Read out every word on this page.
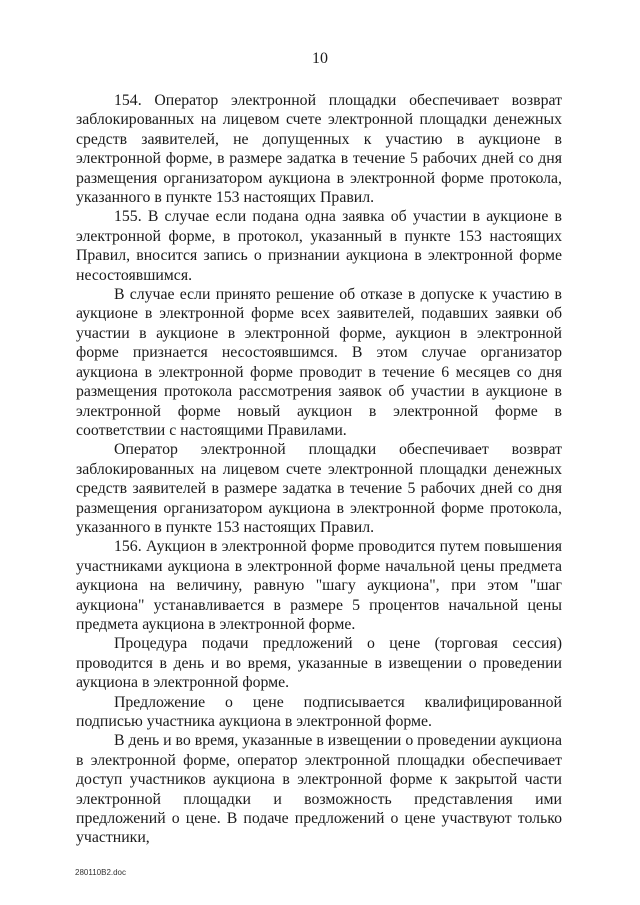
10

154. Оператор электронной площадки обеспечивает возврат заблокированных на лицевом счете электронной площадки денежных средств заявителей, не допущенных к участию в аукционе в электронной форме, в размере задатка в течение 5 рабочих дней со дня размещения организатором аукциона в электронной форме протокола, указанного в пункте 153 настоящих Правил.

155. В случае если подана одна заявка об участии в аукционе в электронной форме, в протокол, указанный в пункте 153 настоящих Правил, вносится запись о признании аукциона в электронной форме несостоявшимся.

В случае если принято решение об отказе в допуске к участию в аукционе в электронной форме всех заявителей, подавших заявки об участии в аукционе в электронной форме, аукцион в электронной форме признается несостоявшимся. В этом случае организатор аукциона в электронной форме проводит в течение 6 месяцев со дня размещения протокола рассмотрения заявок об участии в аукционе в электронной форме новый аукцион в электронной форме в соответствии с настоящими Правилами.

Оператор электронной площадки обеспечивает возврат заблокированных на лицевом счете электронной площадки денежных средств заявителей в размере задатка в течение 5 рабочих дней со дня размещения организатором аукциона в электронной форме протокола, указанного в пункте 153 настоящих Правил.

156. Аукцион в электронной форме проводится путем повышения участниками аукциона в электронной форме начальной цены предмета аукциона на величину, равную "шагу аукциона", при этом "шаг аукциона" устанавливается в размере 5 процентов начальной цены предмета аукциона в электронной форме.

Процедура подачи предложений о цене (торговая сессия) проводится в день и во время, указанные в извещении о проведении аукциона в электронной форме.

Предложение о цене подписывается квалифицированной подписью участника аукциона в электронной форме.

В день и во время, указанные в извещении о проведении аукциона в электронной форме, оператор электронной площадки обеспечивает доступ участников аукциона в электронной форме к закрытой части электронной площадки и возможность представления ими предложений о цене. В подаче предложений о цене участвуют только участники,

280110B2.doc
